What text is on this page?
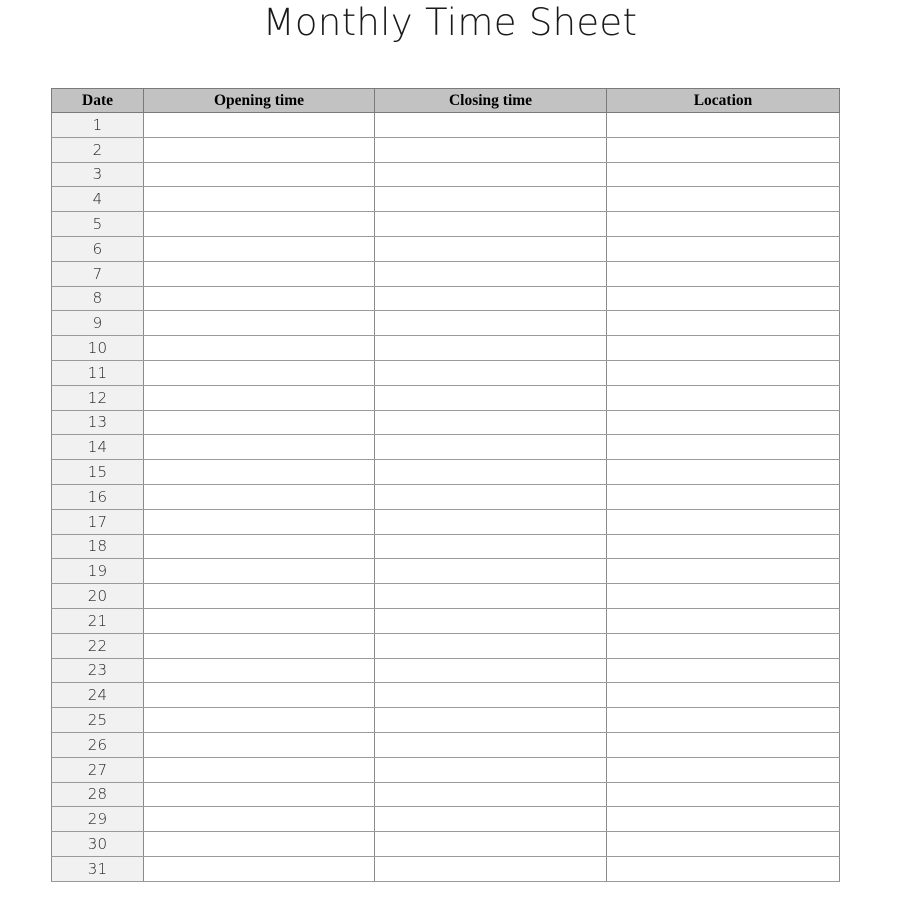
Monthly Time Sheet
Date	Opening time	Closing time	Location
1			
2			
3			
4			
5			
6			
7			
8			
9			
10			
11			
12			
13			
14			
15			
16			
17			
18			
19			
20			
21			
22			
23			
24			
25			
26			
27			
28			
29			
30			
31			
